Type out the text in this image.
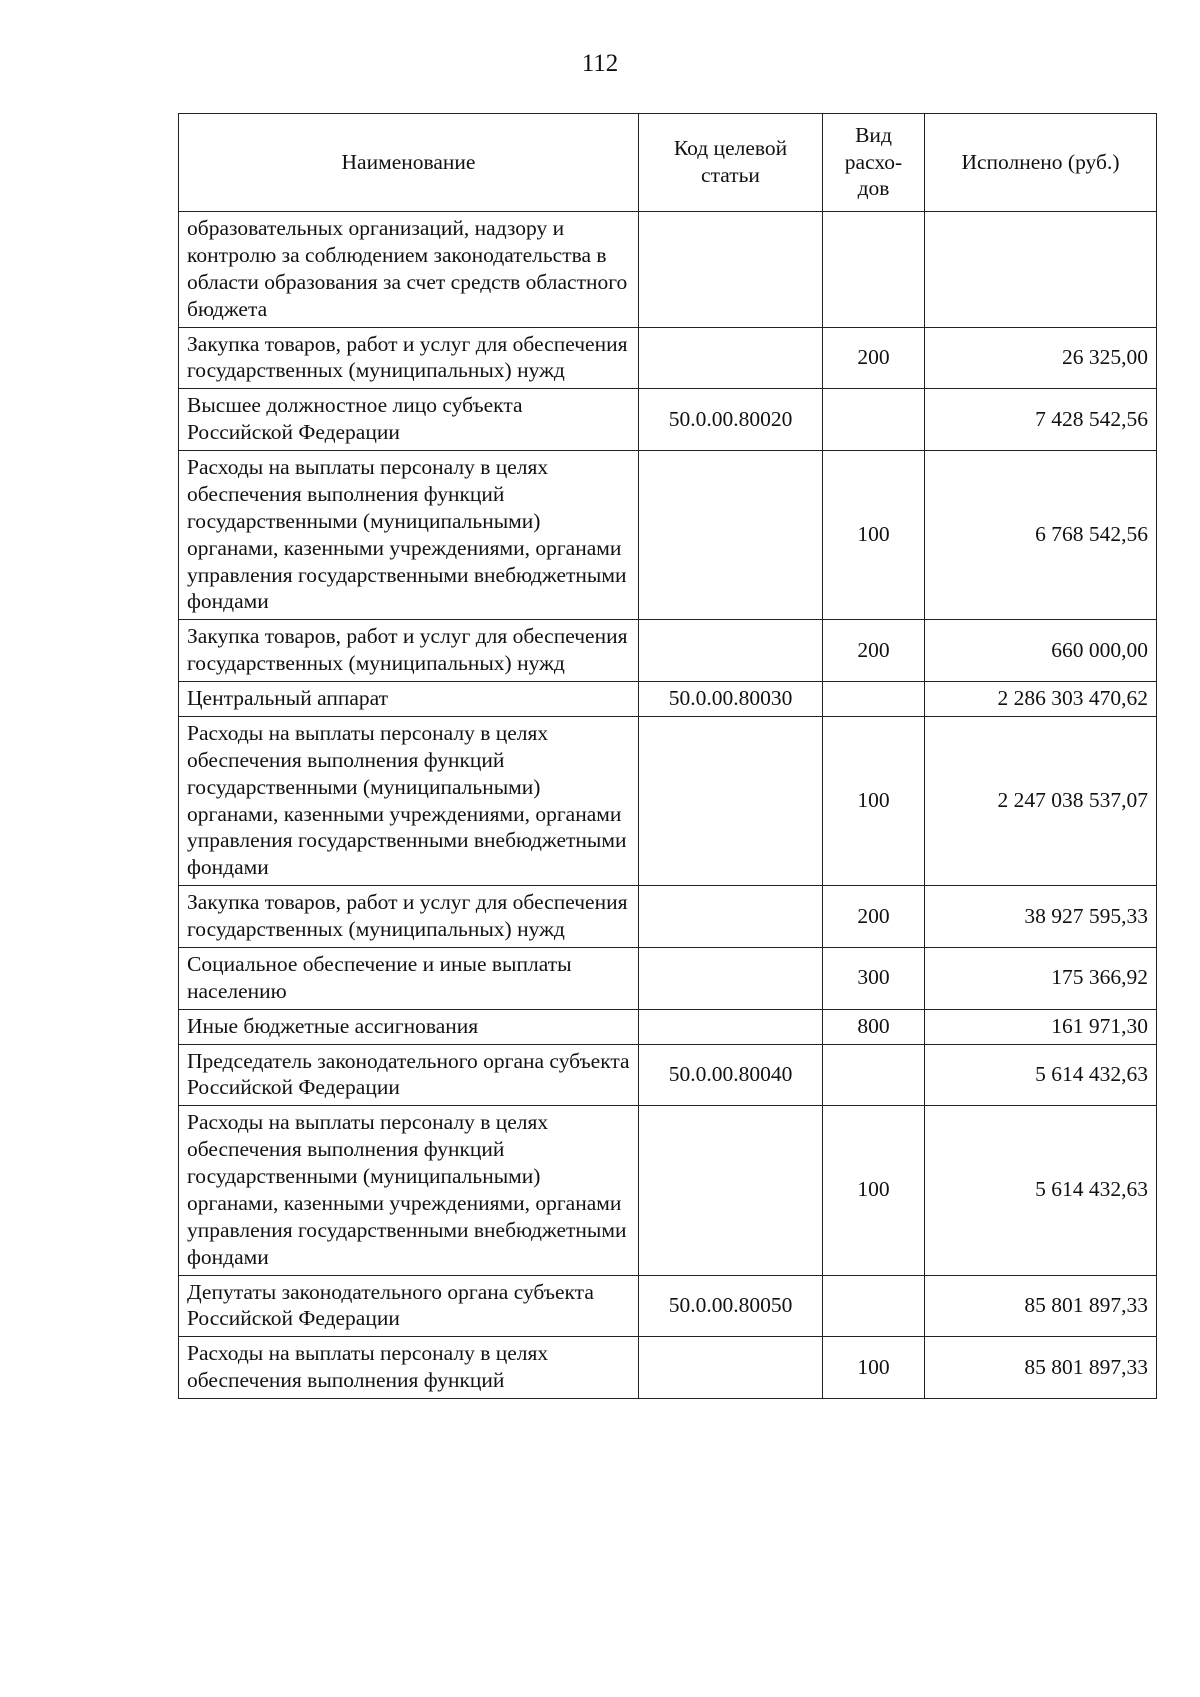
112
Наименование	Код целевой статьи	Вид расхо-дов	Исполнено (руб.)
образовательных организаций, надзору и контролю за соблюдением законодательства в области образования за счет средств областного бюджета			
Закупка товаров, работ и услуг для обеспечения государственных (муниципальных) нужд		200	26 325,00
Высшее должностное лицо субъекта Российской Федерации	50.0.00.80020		7 428 542,56
Расходы на выплаты персоналу в целях обеспечения выполнения функций государственными (муниципальными) органами, казенными учреждениями, органами управления государственными внебюджетными фондами		100	6 768 542,56
Закупка товаров, работ и услуг для обеспечения государственных (муниципальных) нужд		200	660 000,00
Центральный аппарат	50.0.00.80030		2 286 303 470,62
Расходы на выплаты персоналу в целях обеспечения выполнения функций государственными (муниципальными) органами, казенными учреждениями, органами управления государственными внебюджетными фондами		100	2 247 038 537,07
Закупка товаров, работ и услуг для обеспечения государственных (муниципальных) нужд		200	38 927 595,33
Социальное обеспечение и иные выплаты населению		300	175 366,92
Иные бюджетные ассигнования		800	161 971,30
Председатель законодательного органа субъекта Российской Федерации	50.0.00.80040		5 614 432,63
Расходы на выплаты персоналу в целях обеспечения выполнения функций государственными (муниципальными) органами, казенными учреждениями, органами управления государственными внебюджетными фондами		100	5 614 432,63
Депутаты законодательного органа субъекта Российской Федерации	50.0.00.80050		85 801 897,33
Расходы на выплаты персоналу в целях обеспечения выполнения функций		100	85 801 897,33
